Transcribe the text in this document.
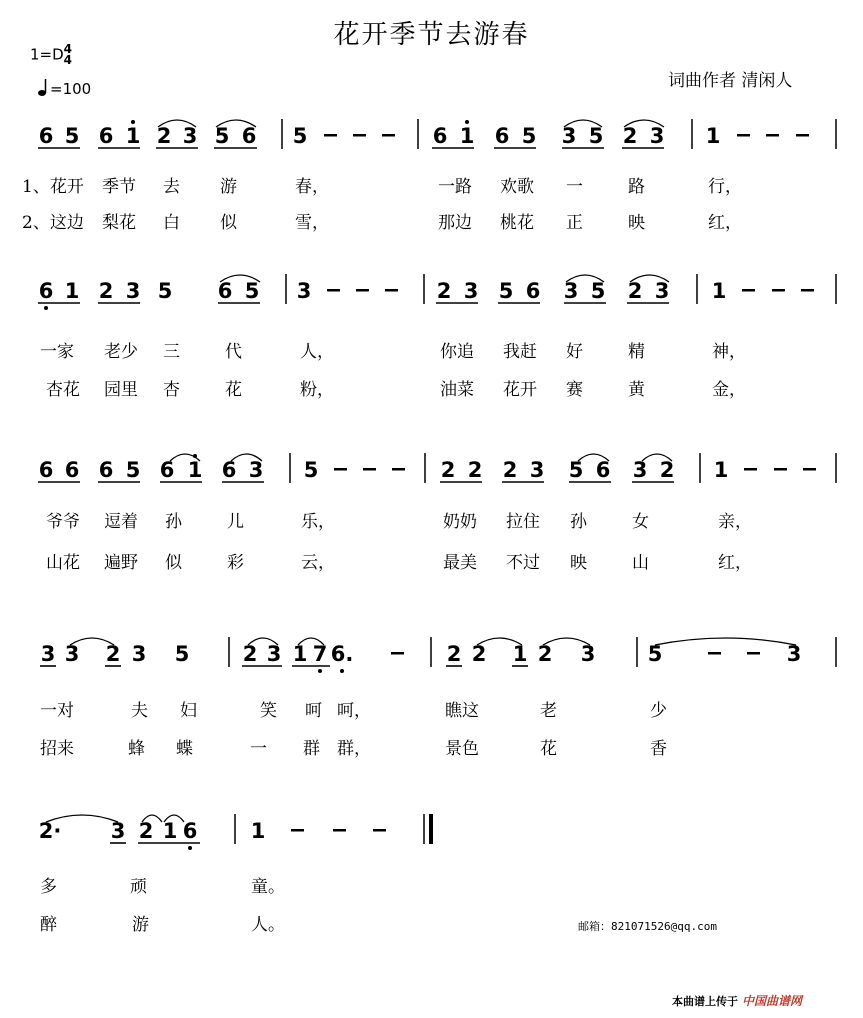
花开季节去游春
1=D 4
4
=100	词曲作者 清闲人
6 5 6 1 2 3 5 6 5	6 1 6 5 3 5 2 3 1
1、花开 季节 去 游	春，	一路 欢歌 一	路	行，
2、这边 梨花 白 似	雪，	那边 桃花 正	映	红，
6 1 2 3 5 6 5 3	2 3 5 6 3 5 2 3 1
一家 老少 三	代	人，	你追 我赶 好	精	神，
杏花 园里 杏	花	粉，	油菜 花开 赛	黄	金，
6 6 6 5 6 1 6 3 5	2 2 2 3 5 6 3 2 1
爷爷 逗着 孙	儿	乐，	奶奶 拉住 孙	女	亲，
山花 遍野 似	彩	云，	最美 不过 映	山	红，
3 3 2 3 5	2 3 1 7 6.	2 2 1 2 3 5	3
一对	夫 妇	笑 呵 呵，	瞧这	老	少
招来	蜂 蝶	一 群 群，	景色	花	香
2· 3 2 1 6	1
多	顽	童。
醉	游	人。	邮箱：821071526@qq.com
本曲谱上传于 中国曲谱网
